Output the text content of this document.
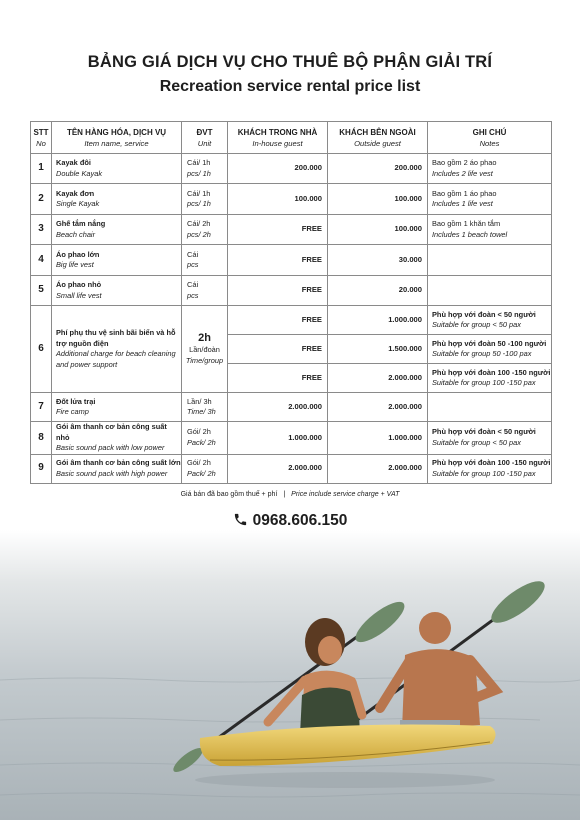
BẢNG GIÁ DỊCH VỤ CHO THUÊ BỘ PHẬN GIẢI TRÍ
Recreation service rental price list
STT
No	TÊN HÀNG HÓA, DỊCH VỤ
Item name, service	ĐVT
Unit	KHÁCH TRONG NHÀ
In-house guest	KHÁCH BÊN NGOÀI
Outside guest	GHI CHÚ
Notes

1	Kayak đôi
Double Kayak	Cái/ 1h
pcs/ 1h	200.000	200.000	Bao gồm 2 áo phao
Includes 2 life vest

2	Kayak đơn
Single Kayak	Cái/ 1h
pcs/ 1h	100.000	100.000	Bao gồm 1 áo phao
Includes 1 life vest

3	Ghế tắm nắng
Beach chair	Cái/ 2h
pcs/ 2h	FREE	100.000	Bao gồm 1 khăn tắm
Includes 1 beach towel

4	Áo phao lớn
Big life vest	Cái
pcs	FREE	30.000	
5	Áo phao nhỏ
Small life vest	Cái
pcs	FREE	20.000	
6	Phí phụ thu vệ sinh bãi biển và hỗ trợ nguồn điện
Additional charge for beach cleaning and power support	2h
Lần/đoàn
Time/group	FREE	1.000.000	Phù hợp với đoàn < 50 người
Suitable for group < 50 pax

			FREE	1.500.000	Phù hợp với đoàn 50 -100 người
Suitable for group 50 -100 pax

			FREE	2.000.000	Phù hợp với đoàn 100 -150 người
Suitable for group 100 -150 pax

7	Đốt lửa trại
Fire camp	Lần/ 3h
Time/ 3h	2.000.000	2.000.000	
8	Gói âm thanh cơ bản công suất nhỏ
Basic sound pack with low power	Gói/ 2h
Pack/ 2h	1.000.000	1.000.000	Phù hợp với đoàn < 50 người
Suitable for group < 50 pax

9	Gói âm thanh cơ bản công suất lớn
Basic sound pack with high power	Gói/ 2h
Pack/ 2h	2.000.000	2.000.000	Phù hợp với đoàn 100 -150 người
Suitable for group 100 -150 pax
Giá bán đã bao gồm thuế + phí | Price include service charge + VAT
0968.606.150
